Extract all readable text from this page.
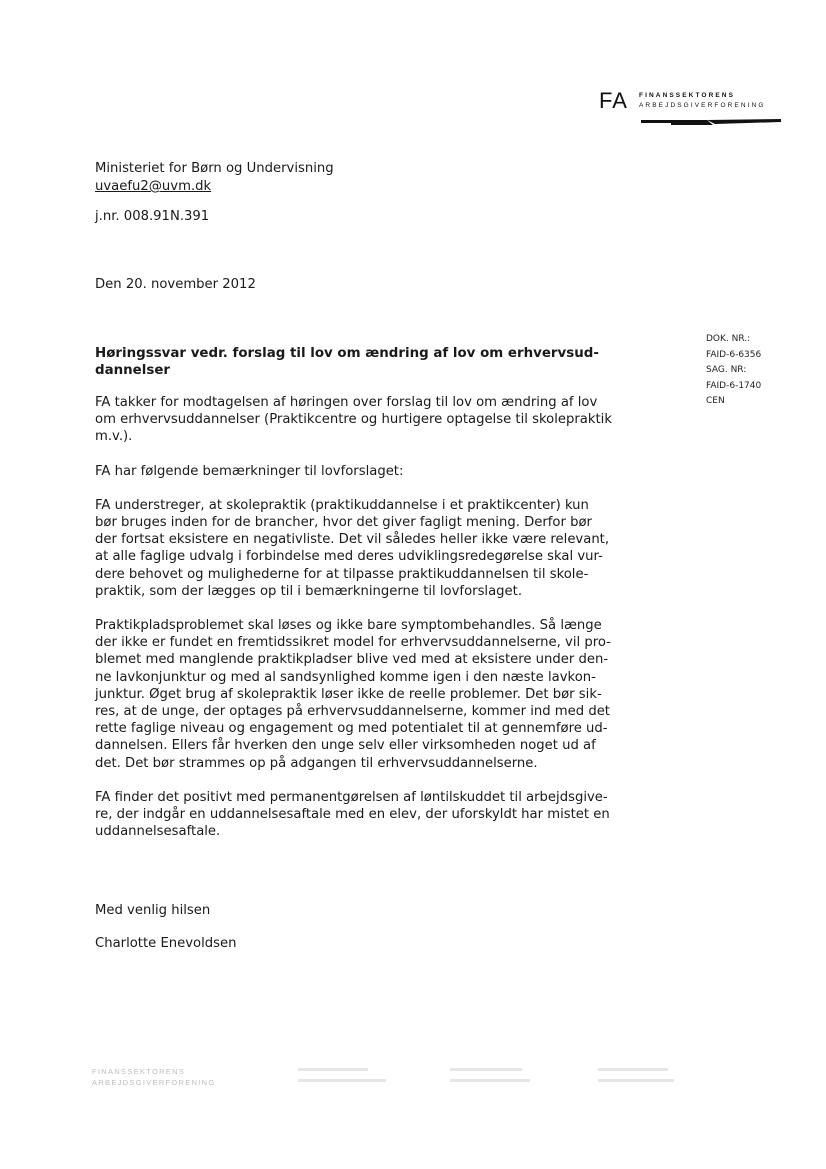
FA FINANSSEKTORENS
ARBEJDSGIVERFORENING
Ministeriet for Børn og Undervisning
uvaefu2@uvm.dk
j.nr. 008.91N.391
Den 20. november 2012
DOK. NR.:
FAID-6-6356
SAG. NR:
FAID-6-1740
CEN
Høringssvar vedr. forslag til lov om ændring af lov om erhvervsud-
dannelser

FA takker for modtagelsen af høringen over forslag til lov om ændring af lov
om erhvervsuddannelser (Praktikcentre og hurtigere optagelse til skolepraktik
m.v.).

FA har følgende bemærkninger til lovforslaget:

FA understreger, at skolepraktik (praktikuddannelse i et praktikcenter) kun
bør bruges inden for de brancher, hvor det giver fagligt mening. Derfor bør
der fortsat eksistere en negativliste. Det vil således heller ikke være relevant,
at alle faglige udvalg i forbindelse med deres udviklingsredegørelse skal vur-
dere behovet og mulighederne for at tilpasse praktikuddannelsen til skole-
praktik, som der lægges op til i bemærkningerne til lovforslaget.

Praktikpladsproblemet skal løses og ikke bare symptombehandles. Så længe
der ikke er fundet en fremtidssikret model for erhvervsuddannelserne, vil pro-
blemet med manglende praktikpladser blive ved med at eksistere under den-
ne lavkonjunktur og med al sandsynlighed komme igen i den næste lavkon-
junktur. Øget brug af skolepraktik løser ikke de reelle problemer. Det bør sik-
res, at de unge, der optages på erhvervsuddannelserne, kommer ind med det
rette faglige niveau og engagement og med potentialet til at gennemføre ud-
dannelsen. Ellers får hverken den unge selv eller virksomheden noget ud af
det. Det bør strammes op på adgangen til erhvervsuddannelserne.

FA finder det positivt med permanentgørelsen af løntilskuddet til arbejdsgive-
re, der indgår en uddannelsesaftale med en elev, der uforskyldt har mistet en
uddannelsesaftale.

Med venlig hilsen
Charlotte Enevoldsen
FINANSSEKTORENS
ARBEJDSGIVERFORENING
